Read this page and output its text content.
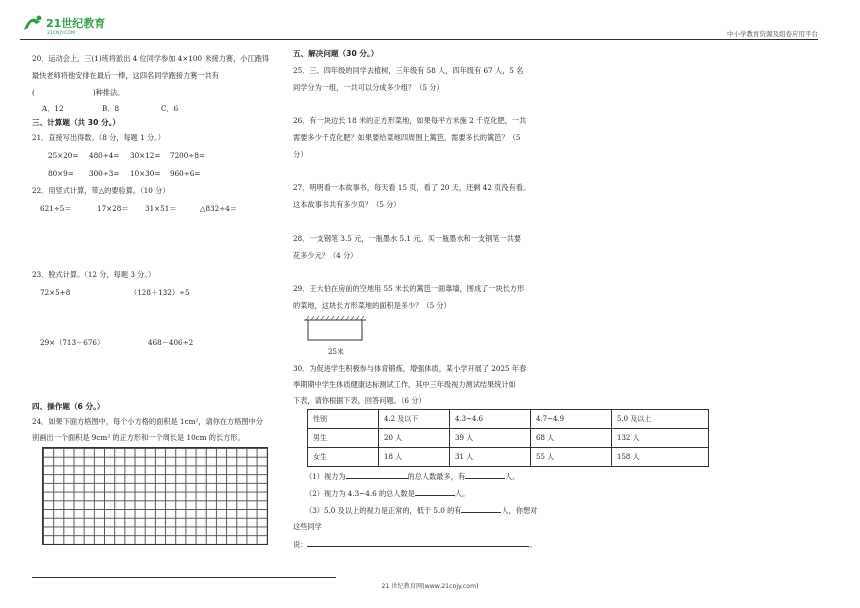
21世纪教育
21CNJY.COM	中小学教育资源及组卷应用平台
20．运动会上，三(1)班将派出 4 位同学参加 4×100 米接力赛，小江跑得
最快老师将他安排在最后一棒，这四名同学跑接力赛一共有
(	)种排法。
A．12	B．8	C．6
三、计算题（共 30 分。）
21．直接写出得数。（8 分，每题 1 分。）
25×20= 480÷4= 30×12= 7200÷8=
80×9= 300÷3= 10×30= 960÷6=
22．用竖式计算，带△的要验算。（10 分）
621÷5＝	17×28＝ 31×51＝	△832÷4＝
23．脱式计算。（12 分，每题 3 分。）
72×5+8	（128＋132）÷5
29×（713－676）	468－406÷2
四、操作题（6 分。）
24．如果下面方格图中，每个小方格的面积是 1cm²，请你在方格图中分
别画出一个面积是 9cm² 的正方形和一个周长是 10cm 的长方形。
五、解决问题（30 分。）
25．三、四年级的同学去植树，三年级有 58 人，四年级有 67 人，5 名
同学分为一组，一共可以分成多少组？（5 分）
26．有一块边长 18 米的正方形菜地，如果每平方米施 2 千克化肥，一共
需要多少千克化肥？如果要给菜地四周围上篱笆，需要多长的篱笆？（5
分）
27．明明看一本故事书，每天看 15 页，看了 20 天，还剩 42 页没有看。
这本故事书共有多少页？（5 分）
28．一支钢笔 3.5 元，一瓶墨水 5.1 元。买一瓶墨水和一支钢笔一共要
花多少元？（4 分）
29．王大伯在房前的空地用 55 米长的篱笆一面靠墙，围成了一块长方形
的菜地，这块长方形菜地的面积是多少？（5 分）
25米
30．为促进学生积极参与体育锻炼，增强体质，某小学开展了 2025 年春
季期期中学生体质健康达标测试工作，其中三年级视力测试结果统计如
下表，请你根据下表，回答问题。（6 分）
性别	4.2 及以下	4.3~4.6	4.7~4.9	5.0 及以上
男生	20 人	39 人	68 人	132 人
女生	18 人	31 人	55 人	158 人
（1）视力为	的总人数最多，有	人。
（2）视力为 4.3~4.6 的总人数是	人。
（3）5.0 及以上的视力是正常的，低于 5.0 的有	人，你想对
这些同学
说：	。
21 世纪教育网(www.21cnjy.com)
